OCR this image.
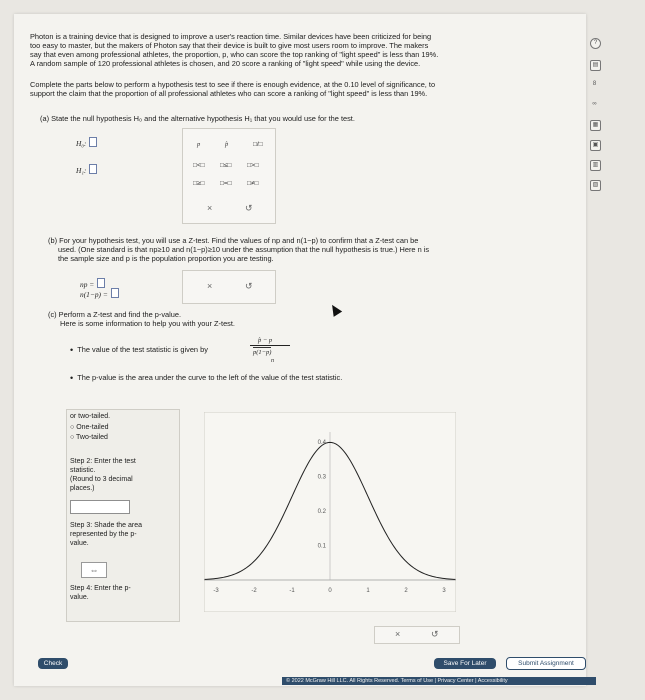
Photon is a training device that is designed to improve a user's reaction time. Similar devices have been criticized for being
too easy to master, but the makers of Photon say that their device is built to give most users room to improve. The makers
say that even among professional athletes, the proportion, p, who can score the top ranking of "light speed" is less than 19%.
A random sample of 120 professional athletes is chosen, and 20 score a ranking of "light speed" while using the device.
Complete the parts below to perform a hypothesis test to see if there is enough evidence, at the 0.10 level of significance, to
support the claim that the proportion of all professional athletes who can score a ranking of "light speed" is less than 19%.
(a) State the null hypothesis H₀ and the alternative hypothesis H₁ that you would use for the test.
H₀:
H₁:
p	p̂	□/□
□<□ □≤□ □>□
□≥□ □=□ □≠□
×	↺
(b) For your hypothesis test, you will use a Z-test. Find the values of np and n(1−p) to confirm that a Z-test can be
used. (One standard is that np≥10 and n(1−p)≥10 under the assumption that the null hypothesis is true.) Here n is
the sample size and p is the population proportion you are testing.
np =
n(1−p) =
×	↺
(c) Perform a Z-test and find the p-value.
Here is some information to help you with your Z-test.
• The value of the test statistic is given by
p̂ − p
p(1−p)
n
• The p-value is the area under the curve to the left of the value of the test statistic.
or two-tailed.
○ One-tailed
○ Two-tailed
Step 2: Enter the test
statistic.
(Round to 3 decimal
places.)
Step 3: Shade the area
represented by the p-
value.
⇔
Step 4: Enter the p-
value.
-3	-2	-1	0	1	2	3
0.4
0.3
0.2
0.1
×	↺
Check	Save For Later	Submit Assignment
© 2022 McGraw Hill LLC. All Rights Reserved. Terms of Use | Privacy Center | Accessibility
?
▤
8
∞
▦
▣
▥
▧
